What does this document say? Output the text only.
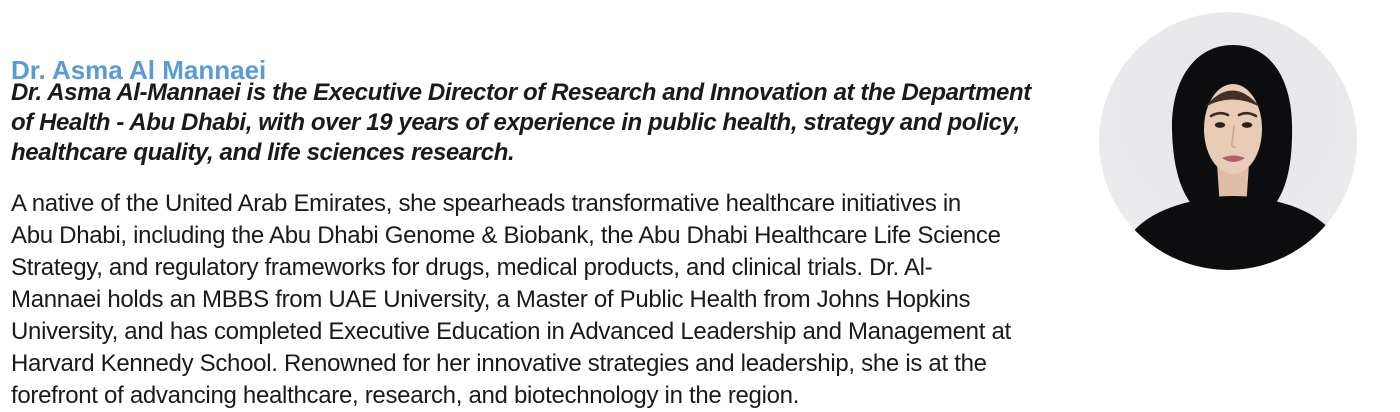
Dr. Asma Al Mannaei
Dr. Asma Al-Mannaei is the Executive Director of Research and Innovation at the Department
of Health - Abu Dhabi, with over 19 years of experience in public health, strategy and policy,
healthcare quality, and life sciences research.
A native of the United Arab Emirates, she spearheads transformative healthcare initiatives in
Abu Dhabi, including the Abu Dhabi Genome & Biobank, the Abu Dhabi Healthcare Life Science
Strategy, and regulatory frameworks for drugs, medical products, and clinical trials. Dr. Al-
Mannaei holds an MBBS from UAE University, a Master of Public Health from Johns Hopkins
University, and has completed Executive Education in Advanced Leadership and Management at
Harvard Kennedy School. Renowned for her innovative strategies and leadership, she is at the
forefront of advancing healthcare, research, and biotechnology in the region.
